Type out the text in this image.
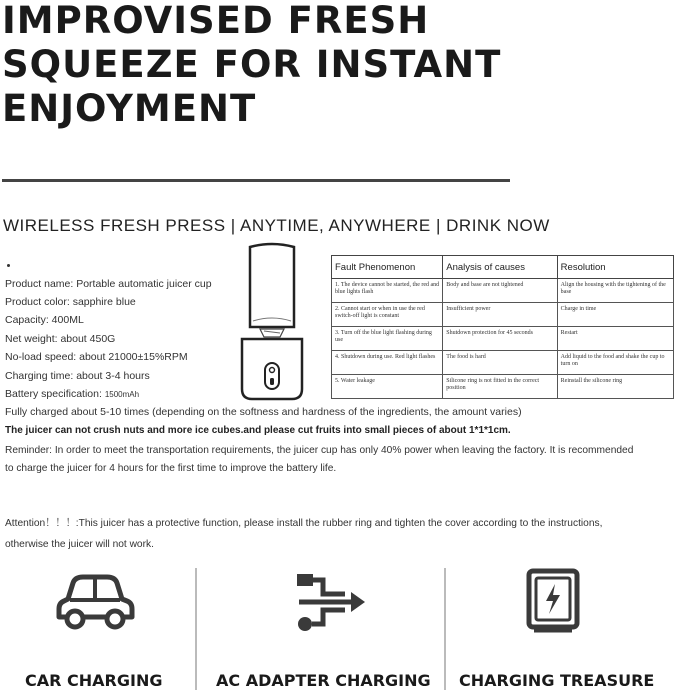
IMPROVISED FRESH
SQUEEZE FOR INSTANT
ENJOYMENT
WIRELESS FRESH PRESS | ANYTIME, ANYWHERE | DRINK NOW
Product name: Portable automatic juicer cup
Product color: sapphire blue
Capacity: 400ML
Net weight: about 450G
No-load speed: about 21000±15%RPM
Charging time: about 3-4 hours
Battery specification: 1500mAh
Fault Phenomenon	Analysis of causes	Resolution
1. The device cannot be started, the red and blue lights flash	Body and base are not tightened	Align the housing with the tightening of the base
2. Cannot start or when in use the red switch-off light is constant	Insufficient power	Charge in time
3. Turn off the blue light flashing during use	Shutdown protection for 45 seconds	Restart
4. Shutdown during use. Red light flashes	The food is hard	Add liquid to the food and shake the cup to turn on
5. Water leakage	Silicone ring is not fitted in the correct position	Reinstall the silicone ring
Fully charged about 5-10 times (depending on the softness and hardness of the ingredients, the amount varies)
The juicer can not crush nuts and more ice cubes.and please cut fruits into small pieces of about 1*1*1cm.
Reminder: In order to meet the transportation requirements, the juicer cup has only 40% power when leaving the factory. It is recommended
to charge the juicer for 4 hours for the first time to improve the battery life.
Attention！！！:This juicer has a protective function, please install the rubber ring and tighten the cover according to the instructions,
otherwise the juicer will not work.
CAR CHARGING	AC ADAPTER CHARGING CHARGING TREASURE
